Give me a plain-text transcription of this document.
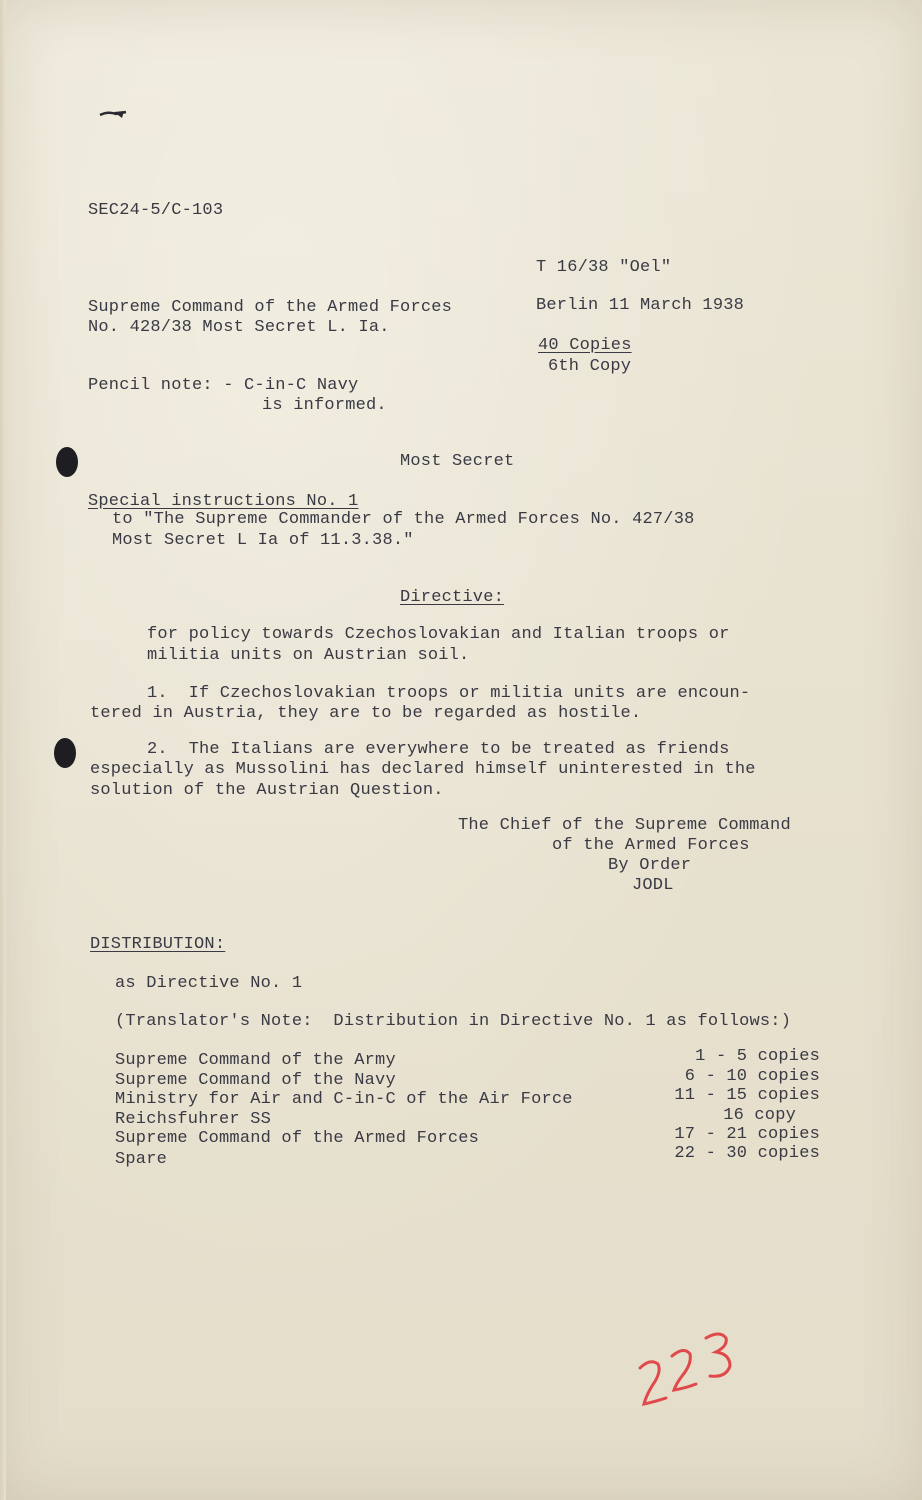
SEC24-5/C-103
T 16/38 "Oel"
Supreme Command of the Armed Forces
No. 428/38 Most Secret L. Ia.
Berlin 11 March 1938
40 Copies
6th Copy
Pencil note: - C-in-C Navy
is informed.
Most Secret
Special instructions No. 1
to "The Supreme Commander of the Armed Forces No. 427/38
Most Secret L Ia of 11.3.38."
Directive:
for policy towards Czechoslovakian and Italian troops or
militia units on Austrian soil.
1.  If Czechoslovakian troops or militia units are encoun-
tered in Austria, they are to be regarded as hostile.
2.  The Italians are everywhere to be treated as friends
especially as Mussolini has declared himself uninterested in the
solution of the Austrian Question.
The Chief of the Supreme Command
of the Armed Forces
By Order
JODL
DISTRIBUTION:
as Directive No. 1
(Translator's Note:  Distribution in Directive No. 1 as follows:)
Supreme Command of the Army	1 - 5 copies
Supreme Command of the Navy	6 - 10 copies
Ministry for Air and C-in-C of the Air Force	11 - 15 copies
Reichsfuhrer SS	16 copy
Supreme Command of the Armed Forces	17 - 21 copies
Spare	22 - 30 copies
